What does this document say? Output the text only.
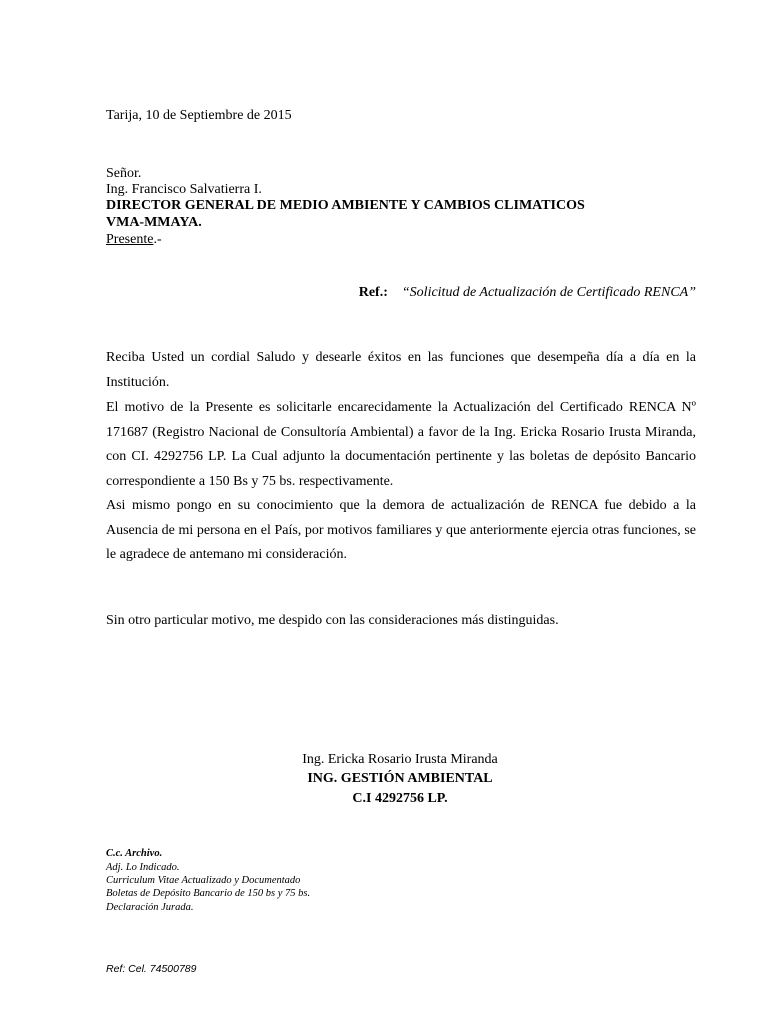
Tarija, 10 de Septiembre de 2015
Señor.
Ing. Francisco Salvatierra I.
DIRECTOR GENERAL DE MEDIO AMBIENTE Y CAMBIOS CLIMATICOS
VMA-MMAYA.
Presente.-
Ref.: “Solicitud de Actualización de Certificado RENCA”
Reciba Usted un cordial Saludo y desearle éxitos en las funciones que desempeña día a día en la Institución.
El motivo de la Presente es solicitarle encarecidamente la Actualización del Certificado RENCA Nº 171687 (Registro Nacional de Consultoría Ambiental) a favor de la Ing. Ericka Rosario Irusta Miranda, con CI. 4292756 LP. La Cual adjunto la documentación pertinente y las boletas de depósito Bancario correspondiente a 150 Bs y 75 bs. respectivamente.
Asi mismo pongo en su conocimiento que la demora de actualización de RENCA fue debido a la Ausencia de mi persona en el País, por motivos familiares y que anteriormente ejercia otras funciones, se le agradece de antemano mi consideración.
Sin otro particular motivo, me despido con las consideraciones más distinguidas.
Ing. Ericka Rosario Irusta Miranda
ING. GESTIÓN AMBIENTAL
C.I 4292756 LP.
C.c. Archivo.
Adj. Lo Indicado.
Curriculum Vitae Actualizado y Documentado
Boletas de Depósito Bancario de 150 bs y 75 bs.
Declaración Jurada.
Ref: Cel. 74500789
